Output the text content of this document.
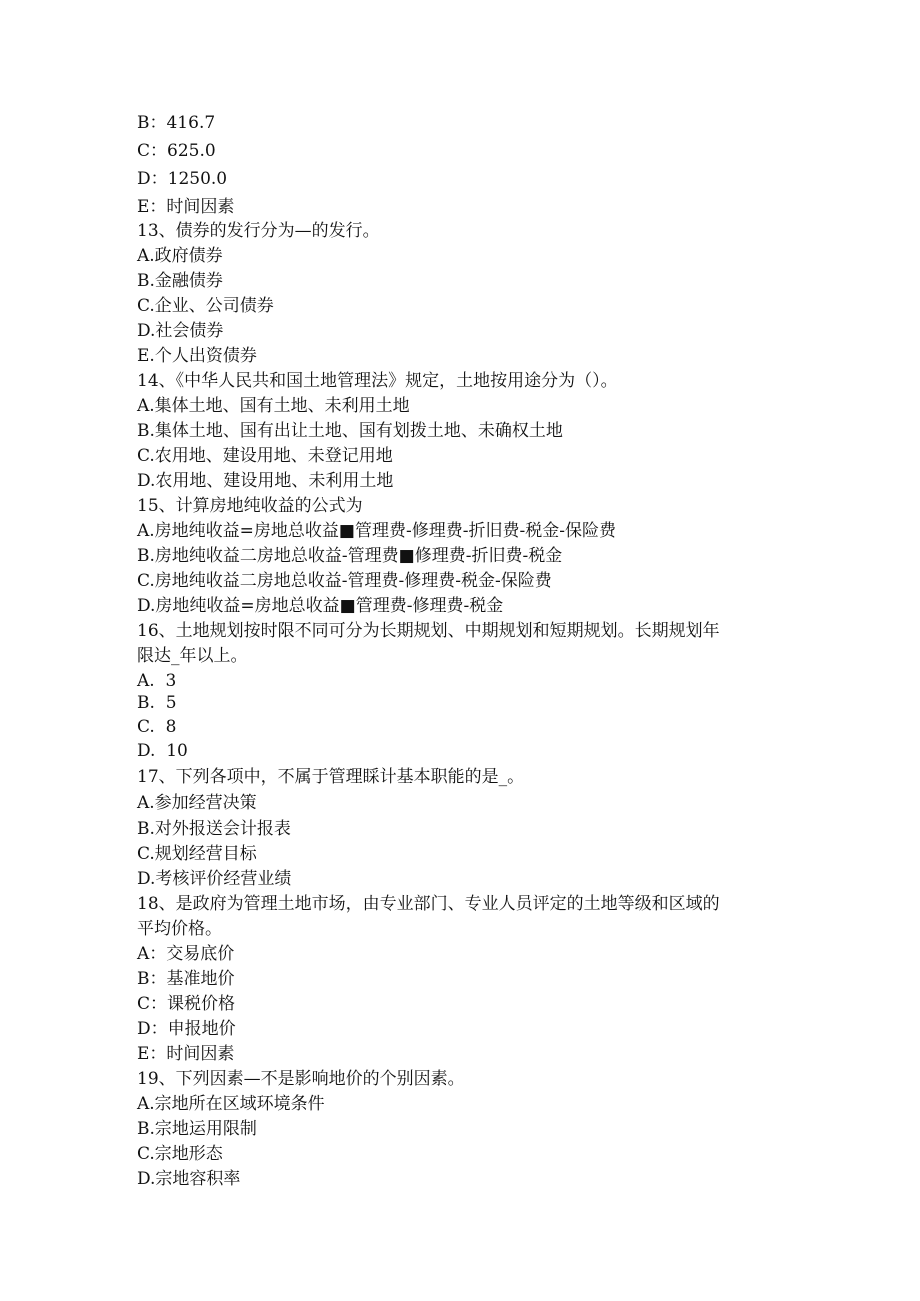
B：416.7
C：625.0
D：1250.0
E：时间因素
13、债券的发行分为—的发行。
A.政府债券
B.金融债券
C.企业、公司债券
D.社会债券
E.个人出资债券
14、《中华人民共和国土地管理法》规定，土地按用途分为（）。
A.集体土地、国有土地、未利用土地
B.集体土地、国有出让土地、国有划拨土地、未确权土地
C.农用地、建设用地、未登记用地
D.农用地、建设用地、未利用土地
15、计算房地纯收益的公式为
A.房地纯收益=房地总收益■管理费-修理费-折旧费-税金-保险费
B.房地纯收益二房地总收益-管理费■修理费-折旧费-税金
C.房地纯收益二房地总收益-管理费-修理费-税金-保险费
D.房地纯收益=房地总收益■管理费-修理费-税金
16、土地规划按时限不同可分为长期规划、中期规划和短期规划。长期规划年
限达_年以上。
A.  3
B.  5
C.  8
D.  10
17、下列各项中，不属于管理睬计基本职能的是_。
A.参加经营决策
B.对外报送会计报表
C.规划经营目标
D.考核评价经营业绩
18、是政府为管理土地市场，由专业部门、专业人员评定的土地等级和区域的
平均价格。
A：交易底价
B：基准地价
C：课税价格
D：申报地价
E：时间因素
19、下列因素—不是影响地价的个别因素。
A.宗地所在区域环境条件
B.宗地运用限制
C.宗地形态
D.宗地容积率
